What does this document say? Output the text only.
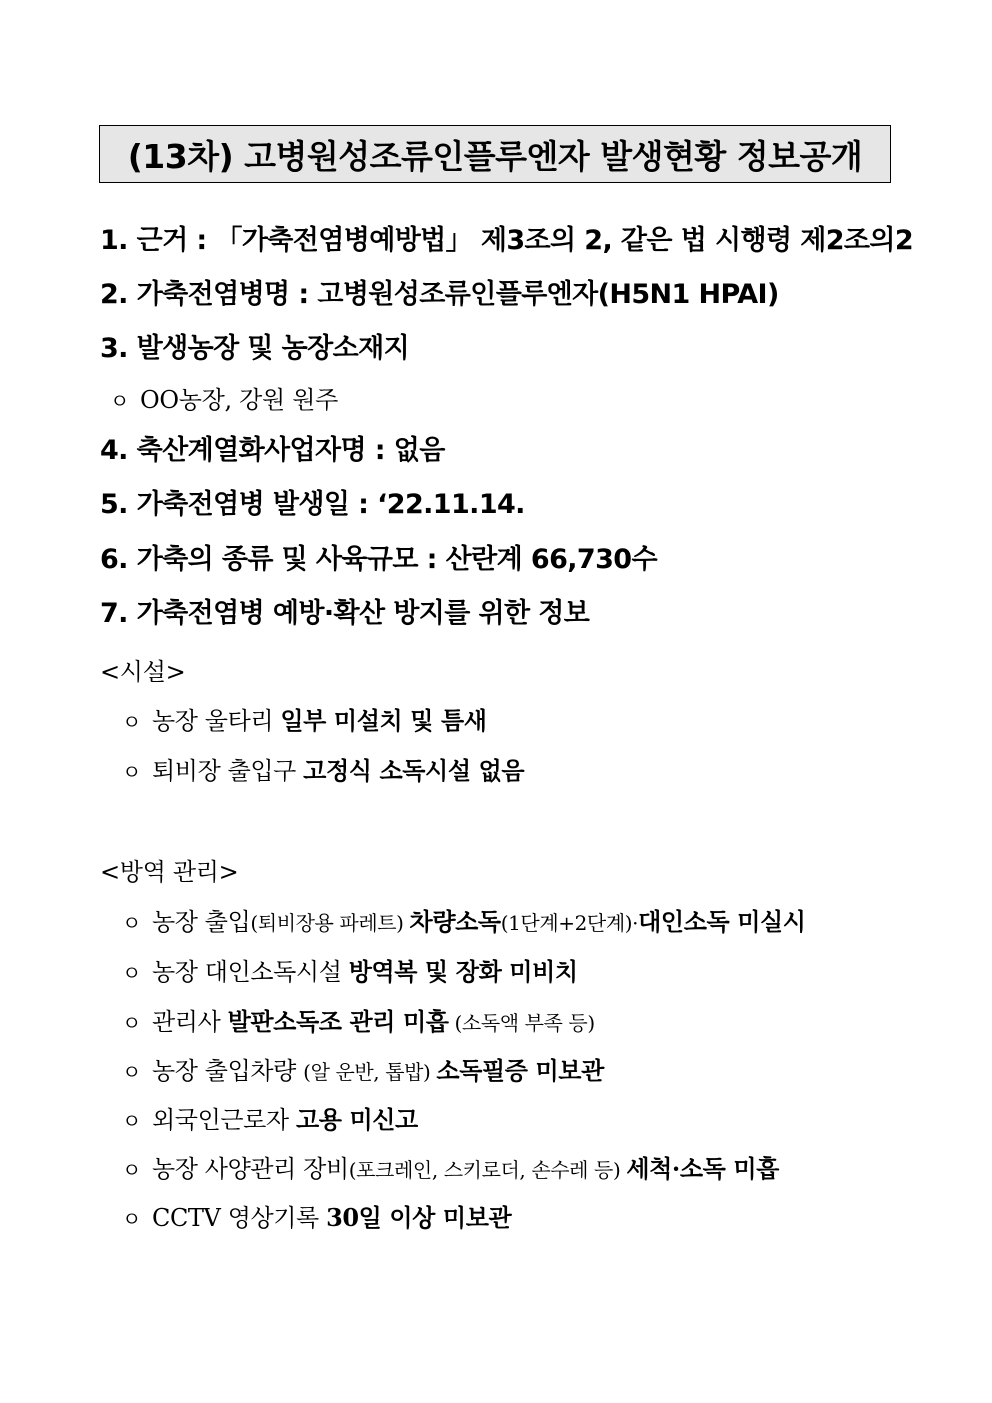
(13차) 고병원성조류인플루엔자 발생현황 정보공개
1. 근거 : 「가축전염병예방법」 제3조의 2, 같은 법 시행령 제2조의2
2. 가축전염병명 : 고병원성조류인플루엔자(H5N1 HPAI)
3. 발생농장 및 농장소재지
ㅇ OO농장, 강원 원주
4. 축산계열화사업자명 : 없음
5. 가축전염병 발생일 : ‘22.11.14.
6. 가축의 종류 및 사육규모 : 산란계 66,730수
7. 가축전염병 예방·확산 방지를 위한 정보
<시설>
ㅇ 농장 울타리 일부 미설치 및 틈새
ㅇ 퇴비장 출입구 고정식 소독시설 없음
<방역 관리>
ㅇ 농장 출입(퇴비장용 파레트) 차량소독(1단계+2단계)·대인소독 미실시
ㅇ 농장 대인소독시설 방역복 및 장화 미비치
ㅇ 관리사 발판소독조 관리 미흡 (소독액 부족 등)
ㅇ 농장 출입차량 (알 운반, 톱밥) 소독필증 미보관
ㅇ 외국인근로자 고용 미신고
ㅇ 농장 사양관리 장비(포크레인, 스키로더, 손수레 등) 세척·소독 미흡
ㅇ CCTV 영상기록 30일 이상 미보관
